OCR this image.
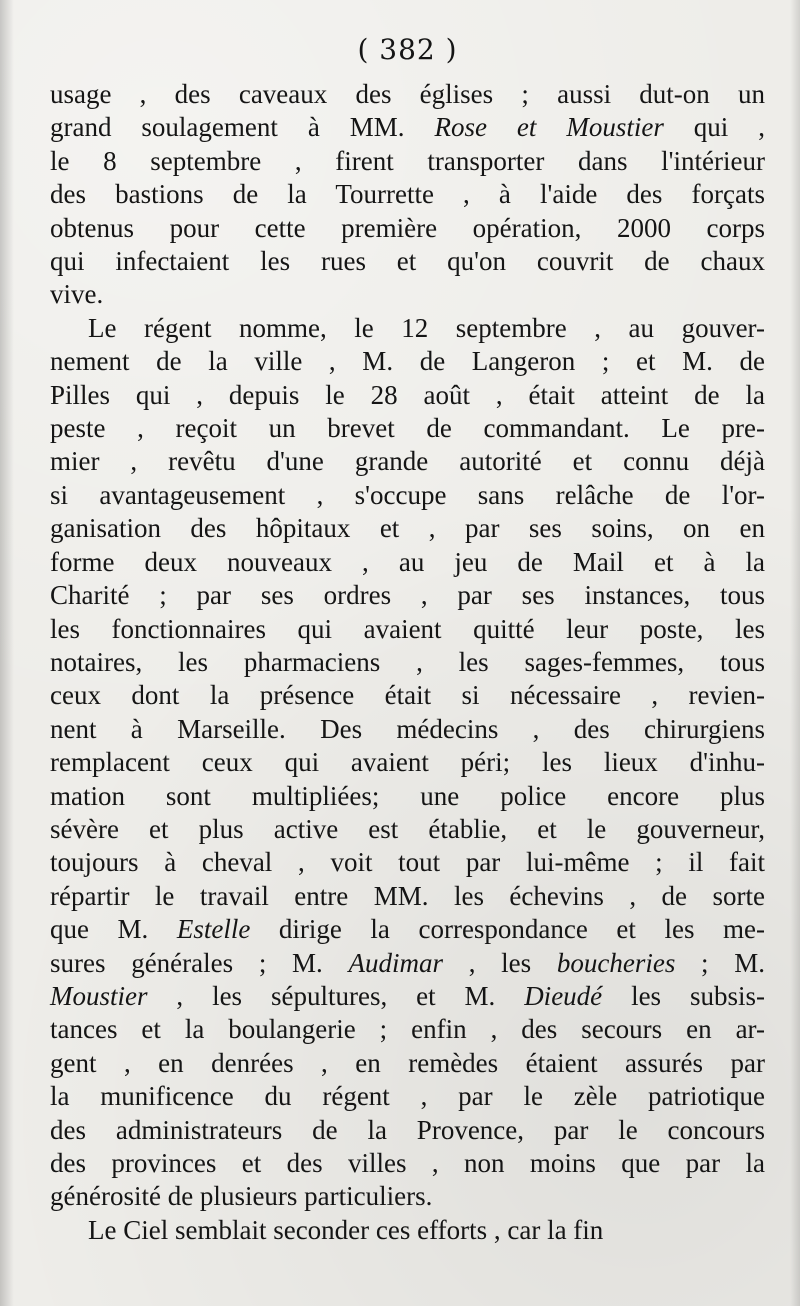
( 382 )
usage , des caveaux des églises ; aussi dut-on un
grand soulagement à MM. Rose et Moustier qui ,
le 8 septembre , firent transporter dans l'intérieur
des bastions de la Tourrette , à l'aide des forçats
obtenus pour cette première opération, 2000 corps
qui infectaient les rues et qu'on couvrit de chaux
vive.
Le régent nomme, le 12 septembre , au gouver-
nement de la ville , M. de Langeron ; et M. de
Pilles qui , depuis le 28 août , était atteint de la
peste , reçoit un brevet de commandant. Le pre-
mier , revêtu d'une grande autorité et connu déjà
si avantageusement , s'occupe sans relâche de l'or-
ganisation des hôpitaux et , par ses soins, on en
forme deux nouveaux , au jeu de Mail et à la
Charité ; par ses ordres , par ses instances, tous
les fonctionnaires qui avaient quitté leur poste, les
notaires, les pharmaciens , les sages-femmes, tous
ceux dont la présence était si nécessaire , revien-
nent à Marseille. Des médecins , des chirurgiens
remplacent ceux qui avaient péri; les lieux d'inhu-
mation sont multipliées; une police encore plus
sévère et plus active est établie, et le gouverneur,
toujours à cheval , voit tout par lui-même ; il fait
répartir le travail entre MM. les échevins , de sorte
que M. Estelle dirige la correspondance et les me-
sures générales ; M. Audimar , les boucheries ; M.
Moustier , les sépultures, et M. Dieudé les subsis-
tances et la boulangerie ; enfin , des secours en ar-
gent , en denrées , en remèdes étaient assurés par
la munificence du régent , par le zèle patriotique
des administrateurs de la Provence, par le concours
des provinces et des villes , non moins que par la
générosité de plusieurs particuliers.
Le Ciel semblait seconder ces efforts , car la fin
